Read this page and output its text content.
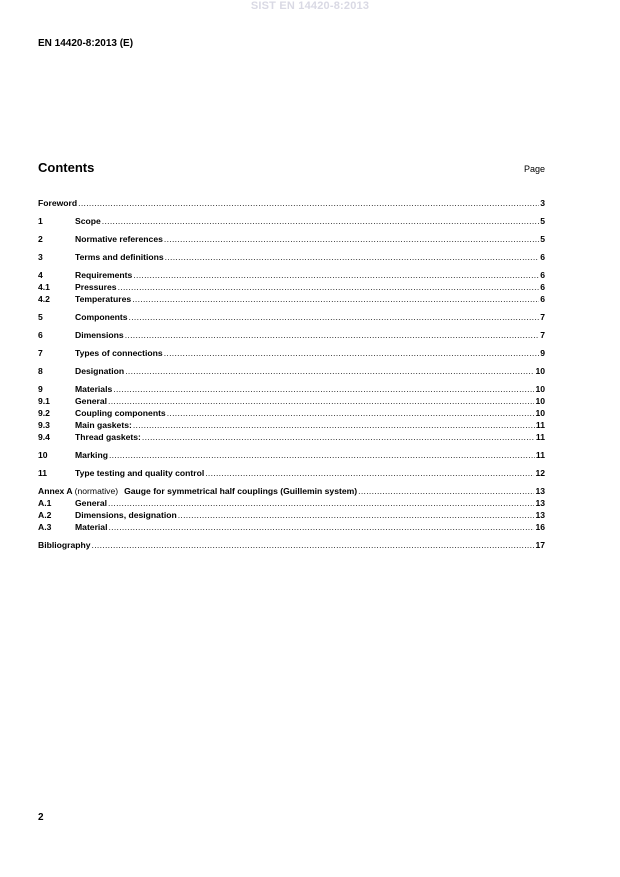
SIST EN 14420-8:2013
EN 14420-8:2013 (E)
Contents	Page
Foreword .....	3
1	Scope .....	5
2	Normative references .....	5
3	Terms and definitions .....	6
4	Requirements .....	6
4.1	Pressures .....	6
4.2	Temperatures .....	6
5	Components .....	7
6	Dimensions .....	7
7	Types of connections .....	9
8	Designation .....	10
9	Materials .....	10
9.1	General .....	10
9.2	Coupling components .....	10
9.3	Main gaskets: .....	11
9.4	Thread gaskets: .....	11
10	Marking .....	11
11	Type testing and quality control .....	12
Annex A (normative) Gauge for symmetrical half couplings (Guillemin system) .....	13
A.1	General .....	13
A.2	Dimensions, designation .....	13
A.3	Material .....	16
Bibliography .....	17
2
